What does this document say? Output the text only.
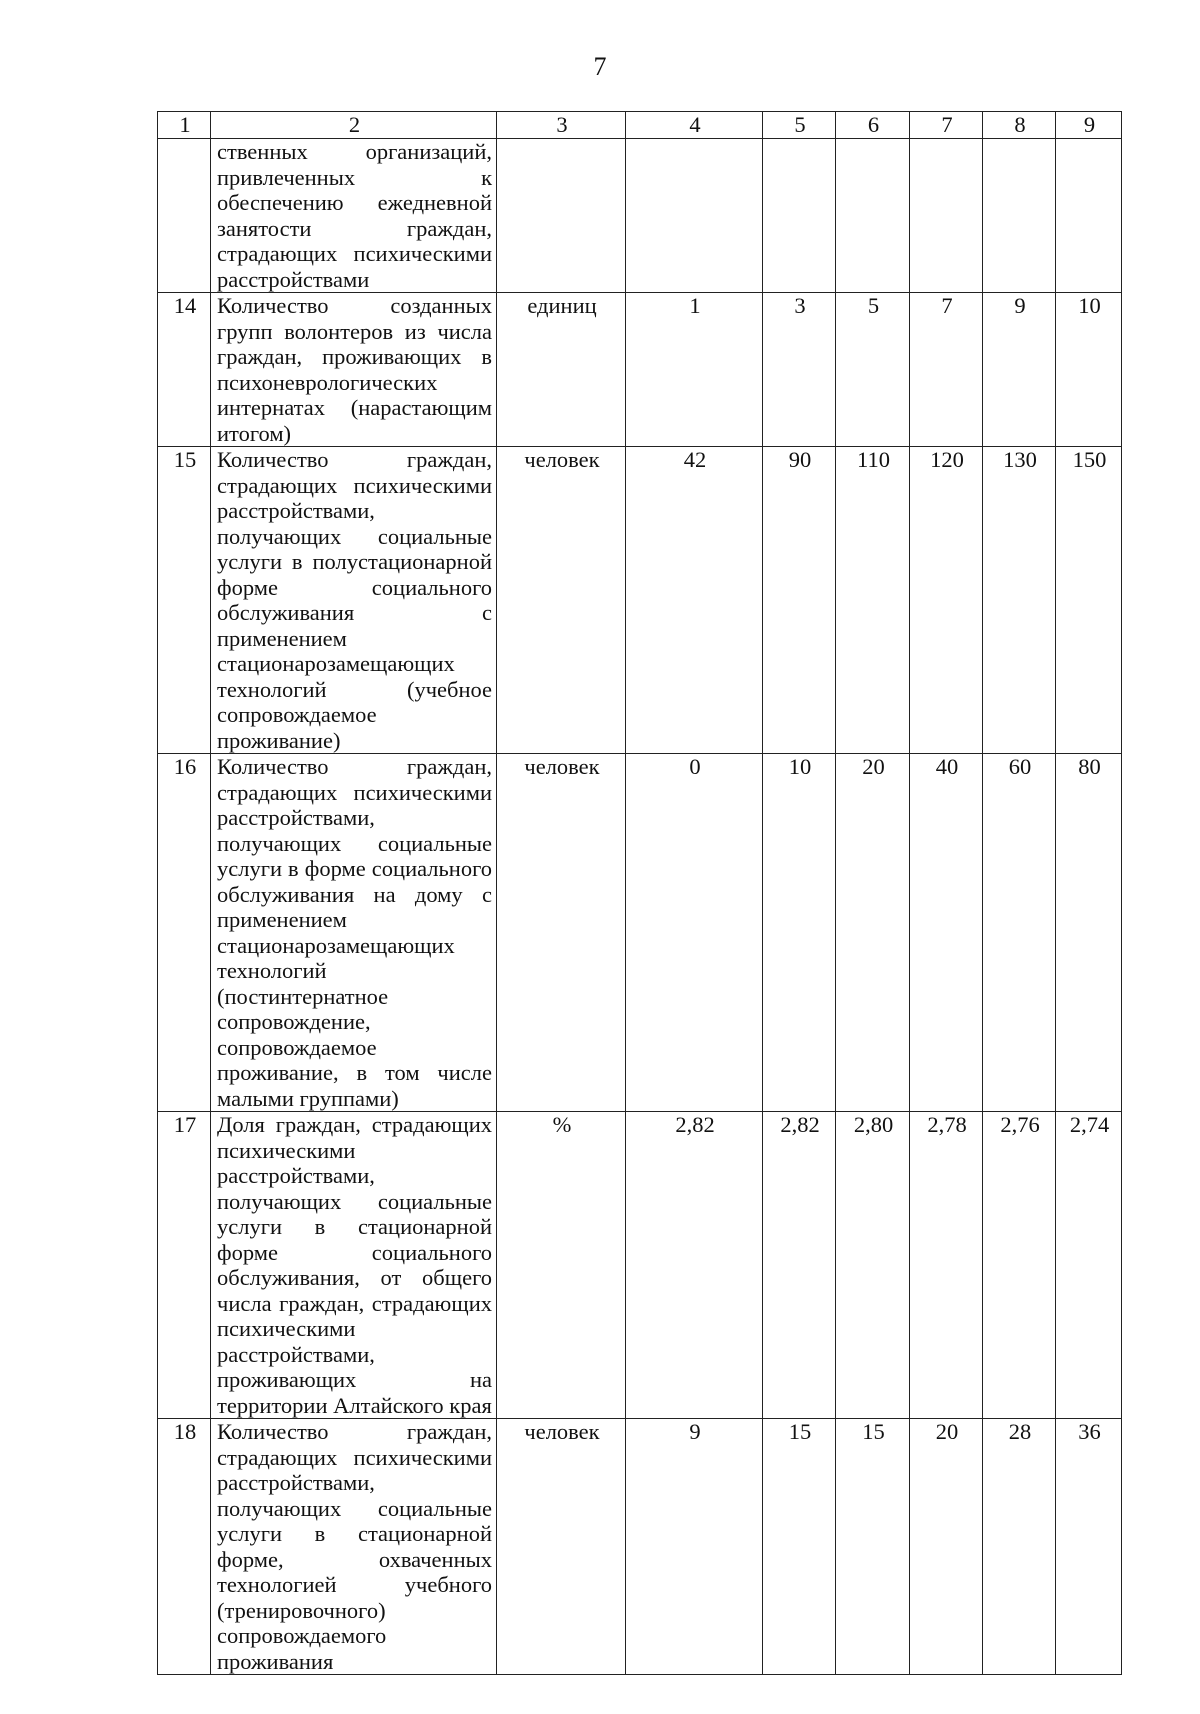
7
1	2	3	4	5	6	7	8	9
	ственных организаций, привлеченных к обеспечению ежедневной занятости граждан, страдающих психическими расстройствами							
14	Количество созданных групп волонтеров из числа граждан, проживающих в психоневрологических интернатах (нарастающим итогом)	единиц	1	3	5	7	9	10
15	Количество граждан, страдающих психическими расстройствами, получающих социальные услуги в полустационарной форме социального обслуживания с применением стационарозамещающих технологий (учебное сопровождаемое проживание)	человек	42	90	110	120	130	150
16	Количество граждан, страдающих психическими расстройствами, получающих социальные услуги в форме социального обслуживания на дому с применением стационарозамещающих технологий (постинтернатное сопровождение, сопровождаемое проживание, в том числе малыми группами)	человек	0	10	20	40	60	80
17	Доля граждан, страдающих психическими расстройствами, получающих социальные услуги в стационарной форме социального обслуживания, от общего числа граждан, страдающих психическими расстройствами, проживающих на территории Алтайского края	%	2,82	2,82	2,80	2,78	2,76	2,74
18	Количество граждан, страдающих психическими расстройствами, получающих социальные услуги в стационарной форме, охваченных технологией учебного (тренировочного) сопровождаемого проживания	человек	9	15	15	20	28	36
